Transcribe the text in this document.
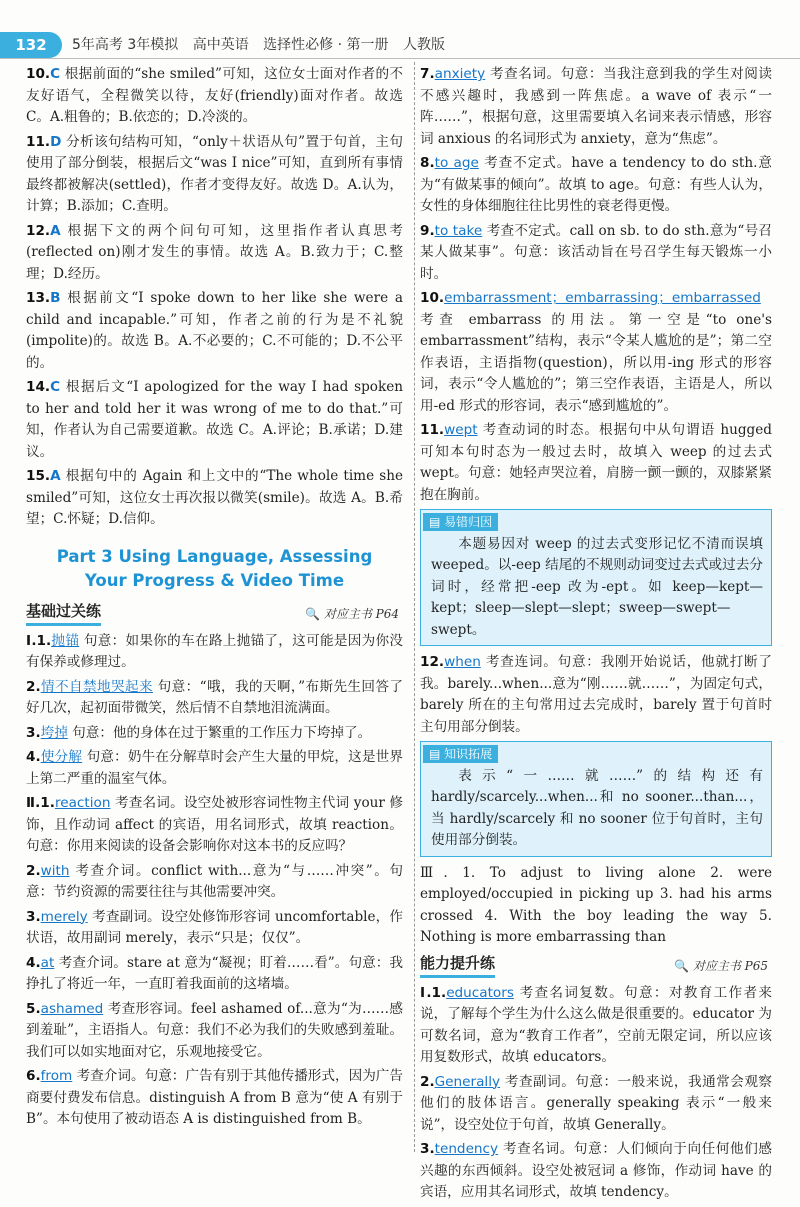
132	5年高考 3年模拟 高中英语 选择性必修 · 第一册 人教版
10.C 根据前面的“she smiled”可知，这位女士面对作者的不友好语气，全程微笑以待，友好(friendly)面对作者。故选 C。A.粗鲁的；B.依恋的；D.冷淡的。
11.D 分析该句结构可知，“only＋状语从句”置于句首，主句使用了部分倒装，根据后文“was I nice”可知，直到所有事情最终都被解决(settled)，作者才变得友好。故选 D。A.认为，计算；B.添加；C.查明。
12.A 根据下文的两个问句可知，这里指作者认真思考(reflected on)刚才发生的事情。故选 A。B.致力于；C.整理；D.经历。
13.B 根据前文“I spoke down to her like she were a child and incapable.”可知，作者之前的行为是不礼貌(impolite)的。故选 B。A.不必要的；C.不可能的；D.不公平的。
14.C 根据后文“I apologized for the way I had spoken to her and told her it was wrong of me to do that.”可知，作者认为自己需要道歉。故选 C。A.评论；B.承诺；D.建议。
15.A 根据句中的 Again 和上文中的“The whole time she smiled”可知，这位女士再次报以微笑(smile)。故选 A。B.希望；C.怀疑；D.信仰。
Part 3 Using Language, Assessing
Your Progress & Video Time
基础过关练	🔍 对应主书 P64
Ⅰ.1.抛锚 句意：如果你的车在路上抛锚了，这可能是因为你没有保养或修理过。
2.情不自禁地哭起来 句意：“哦，我的天啊，”布斯先生回答了好几次，起初面带微笑，然后情不自禁地泪流满面。
3.垮掉 句意：他的身体在过于繁重的工作压力下垮掉了。
4.使分解 句意：奶牛在分解草时会产生大量的甲烷，这是世界上第二严重的温室气体。
Ⅱ.1.reaction 考查名词。设空处被形容词性物主代词 your 修饰，且作动词 affect 的宾语，用名词形式，故填 reaction。句意：你用来阅读的设备会影响你对这本书的反应吗？
2.with 考查介词。conflict with...意为“与……冲突”。句意：节约资源的需要往往与其他需要冲突。
3.merely 考查副词。设空处修饰形容词 uncomfortable，作状语，故用副词 merely，表示“只是；仅仅”。
4.at 考查介词。stare at 意为“凝视；盯着……看”。句意：我挣扎了将近一年，一直盯着我面前的这堵墙。
5.ashamed 考查形容词。feel ashamed of...意为“为……感到羞耻”，主语指人。句意：我们不必为我们的失败感到羞耻。我们可以如实地面对它，乐观地接受它。
6.from 考查介词。句意：广告有别于其他传播形式，因为广告商要付费发布信息。distinguish A from B 意为“使 A 有别于 B”。本句使用了被动语态 A is distinguished from B。
7.anxiety 考查名词。句意：当我注意到我的学生对阅读不感兴趣时，我感到一阵焦虑。a wave of 表示“一阵……”，根据句意，这里需要填入名词来表示情感，形容词 anxious 的名词形式为 anxiety，意为“焦虑”。
8.to age 考查不定式。have a tendency to do sth.意为“有做某事的倾向”。故填 to age。句意：有些人认为，女性的身体细胞往往比男性的衰老得更慢。
9.to take 考查不定式。call on sb. to do sth.意为“号召某人做某事”。句意：该活动旨在号召学生每天锻炼一小时。
10.embarrassment；embarrassing；embarrassed 考查 embarrass 的用法。第一空是“to one's embarrassment”结构，表示“令某人尴尬的是”；第二空作表语，主语指物(question)，所以用-ing 形式的形容词，表示“令人尴尬的”；第三空作表语，主语是人，所以用-ed 形式的形容词，表示“感到尴尬的”。
11.wept 考查动词的时态。根据句中从句谓语 hugged 可知本句时态为一般过去时，故填入 weep 的过去式 wept。句意：她轻声哭泣着，肩膀一颤一颤的，双膝紧紧抱在胸前。
▤ 易错归因
本题易因对 weep 的过去式变形记忆不清而误填 weeped。以-eep 结尾的不规则动词变过去式或过去分词时，经常把-eep 改为-ept。如 keep—kept—kept；sleep—slept—slept；sweep—swept—swept。
12.when 考查连词。句意：我刚开始说话，他就打断了我。barely...when...意为“刚……就……”，为固定句式，barely 所在的主句常用过去完成时，barely 置于句首时主句用部分倒装。
▤ 知识拓展
表示“一……就……”的结构还有 hardly/scarcely...when...和 no sooner...than...，当 hardly/scarcely 和 no sooner 位于句首时，主句使用部分倒装。
Ⅲ. 1. To adjust to living alone 2. were employed/occupied in picking up 3. had his arms crossed 4. With the boy leading the way 5. Nothing is more embarrassing than
能力提升练	🔍 对应主书 P65
Ⅰ.1.educators 考查名词复数。句意：对教育工作者来说，了解每个学生为什么这么做是很重要的。educator 为可数名词，意为“教育工作者”，空前无限定词，所以应该用复数形式，故填 educators。
2.Generally 考查副词。句意：一般来说，我通常会观察他们的肢体语言。generally speaking 表示“一般来说”，设空处位于句首，故填 Generally。
3.tendency 考查名词。句意：人们倾向于向任何他们感兴趣的东西倾斜。设空处被冠词 a 修饰，作动词 have 的宾语，应用其名词形式，故填 tendency。
